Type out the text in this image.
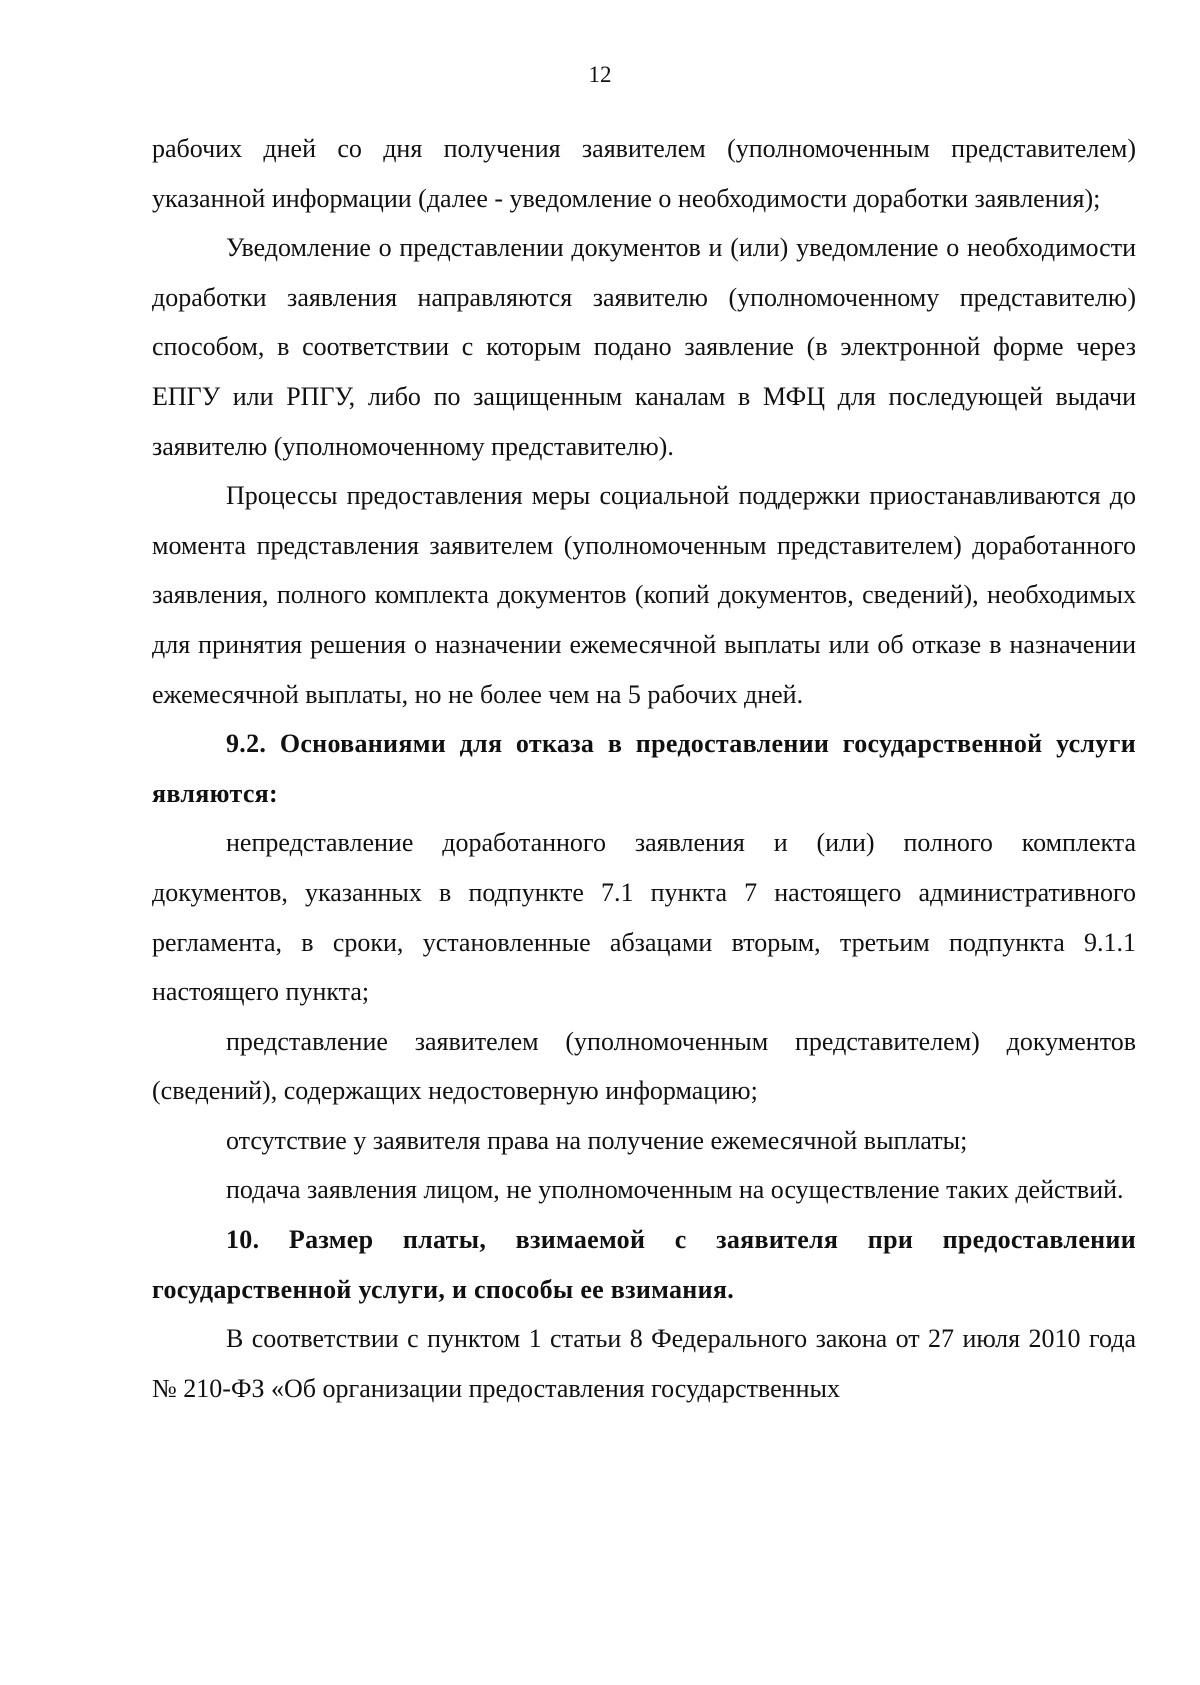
12

рабочих дней со дня получения заявителем (уполномоченным представителем) указанной информации (далее - уведомление о необходимости доработки заявления);

Уведомление о представлении документов и (или) уведомление о необходимости доработки заявления направляются заявителю (уполномоченному представителю) способом, в соответствии с которым подано заявление (в электронной форме через ЕПГУ или РПГУ, либо по защищенным каналам в МФЦ для последующей выдачи заявителю (уполномоченному представителю).

Процессы предоставления меры социальной поддержки приостанавливаются до момента представления заявителем (уполномоченным представителем) доработанного заявления, полного комплекта документов (копий документов, сведений), необходимых для принятия решения о назначении ежемесячной выплаты или об отказе в назначении ежемесячной выплаты, но не более чем на 5 рабочих дней.

9.2. Основаниями для отказа в предоставлении государственной услуги являются:

непредставление доработанного заявления и (или) полного комплекта документов, указанных в подпункте 7.1 пункта 7 настоящего административного регламента, в сроки, установленные абзацами вторым, третьим подпункта 9.1.1 настоящего пункта;

представление заявителем (уполномоченным представителем) документов (сведений), содержащих недостоверную информацию;

отсутствие у заявителя права на получение ежемесячной выплаты;

подача заявления лицом, не уполномоченным на осуществление таких действий.

10. Размер платы, взимаемой с заявителя при предоставлении государственной услуги, и способы ее взимания.

В соответствии с пунктом 1 статьи 8 Федерального закона от 27 июля 2010 года № 210-ФЗ «Об организации предоставления государственных
